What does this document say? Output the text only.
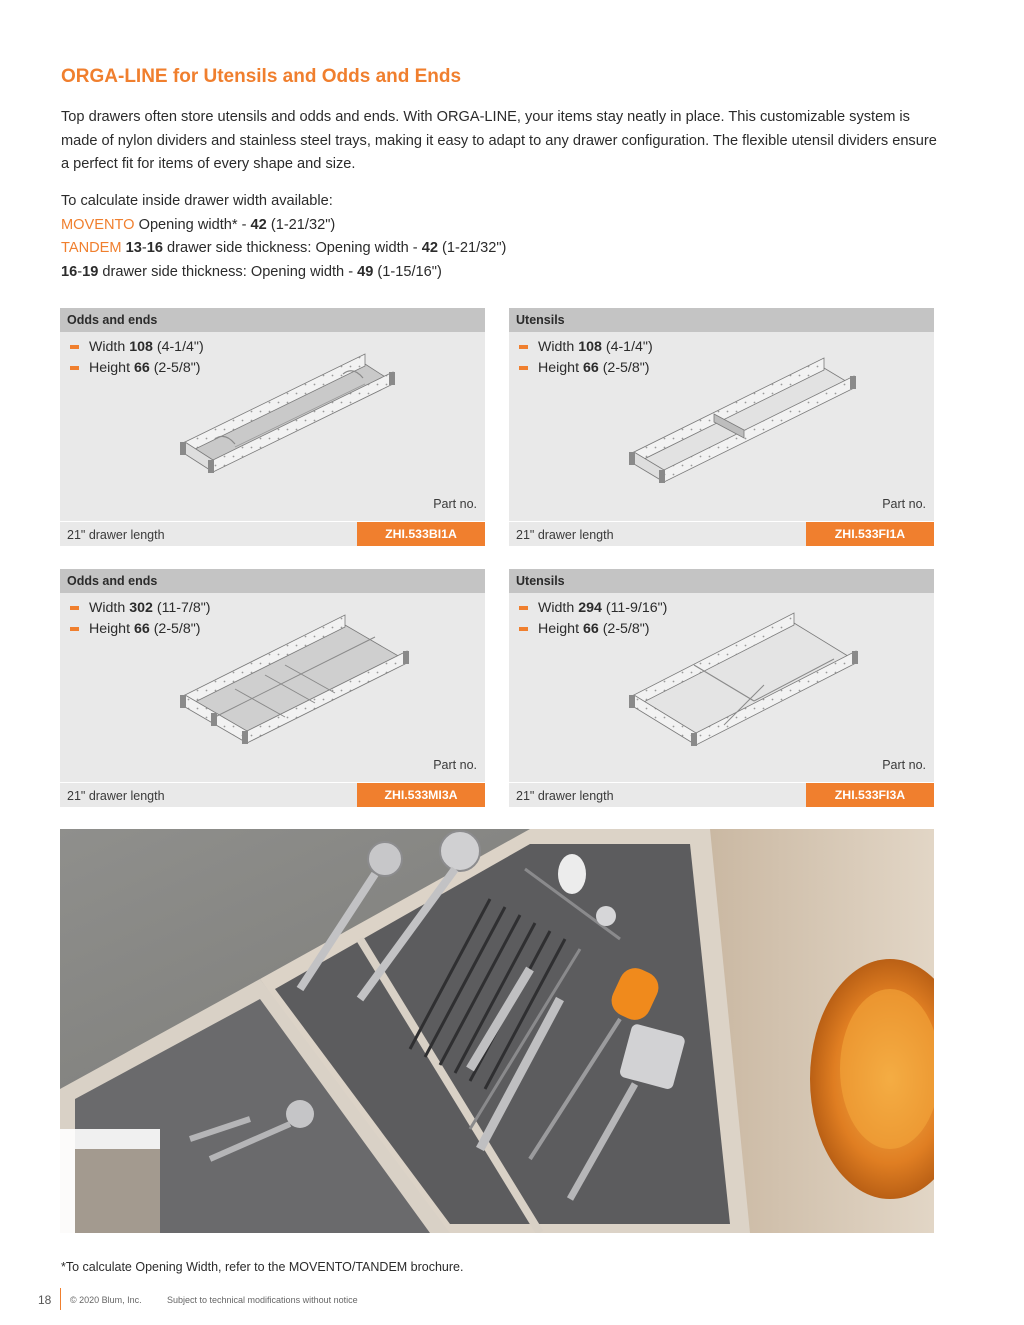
ORGA-LINE for Utensils and Odds and Ends

Top drawers often store utensils and odds and ends. With ORGA-LINE, your items stay neatly in place. This customizable system is made of nylon dividers and stainless steel trays, making it easy to adapt to any drawer configuration. The flexible utensil dividers ensure a perfect fit for items of every shape and size.

To calculate inside drawer width available:
MOVENTO Opening width* - 42 (1-21/32")
TANDEM 13-16 drawer side thickness: Opening width - 42 (1-21/32")
16-19 drawer side thickness: Opening width - 49 (1-15/16")
Odds and ends
Width 108 (4-1/4")
Height 66 (2-5/8")
Part no.
21" drawer length	ZHI.533BI1A
Utensils
Width 108 (4-1/4")
Height 66 (2-5/8")
Part no.
21" drawer length	ZHI.533FI1A
Odds and ends
Width 302 (11-7/8")
Height 66 (2-5/8")
Part no.
21" drawer length	ZHI.533MI3A
Utensils
Width 294 (11-9/16")
Height 66 (2-5/8")
Part no.
21" drawer length	ZHI.533FI3A
*To calculate Opening Width, refer to the MOVENTO/TANDEM brochure.
18 © 2020 Blum, Inc.	Subject to technical modifications without notice
